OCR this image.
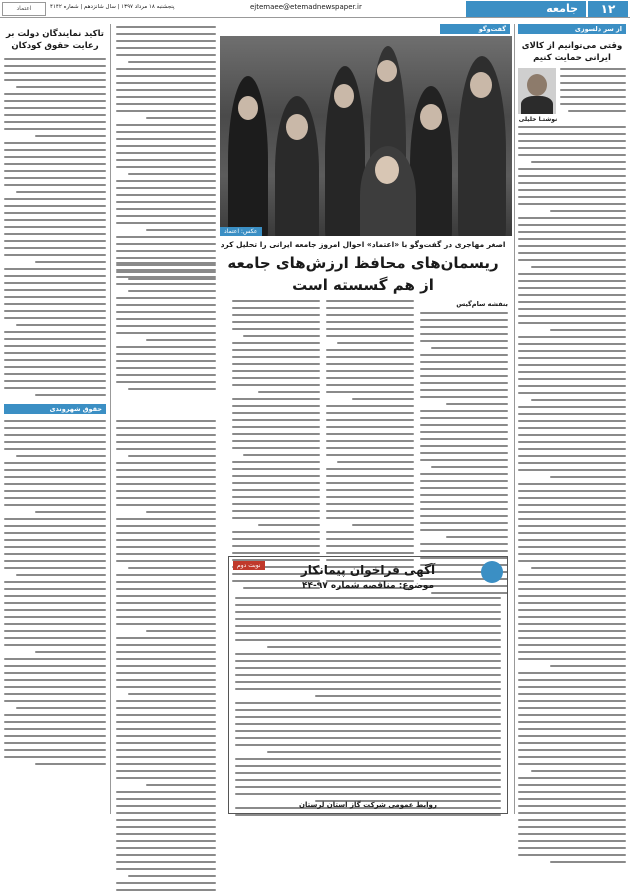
۱۲
جامعه
ejtemaee@etemadnewspaper.ir
پنجشنبه ۱۸ مرداد ۱۳۹۷ | سال شانزدهم | شماره ۴۱۴۲
اعتماد
از سر دلسوزی
وقتی می‌توانیم از کالای ایرانی حمایت کنیم
نوشتـا خلیلی
تاکید نمایندگان دولت بر رعایت حقوق کودکان
حقوق شهروندی
گفت‌و‌گو
عکس: اعتماد
اصغر مهاجری در گفت‌و‌گو با «اعتماد» احوال امروز جامعه ایرانی را تحلیل کرد
ریسمان‌های محافظ ارزش‌های جامعه
از هم گسسته است
بنفشه سام‌گیس
نوبت دوم	آگهی فراخوان پیمانکار
موضوع: مناقصه شماره ۹۷-۴۴
روابط عمومی شرکت گاز استان لرستان
